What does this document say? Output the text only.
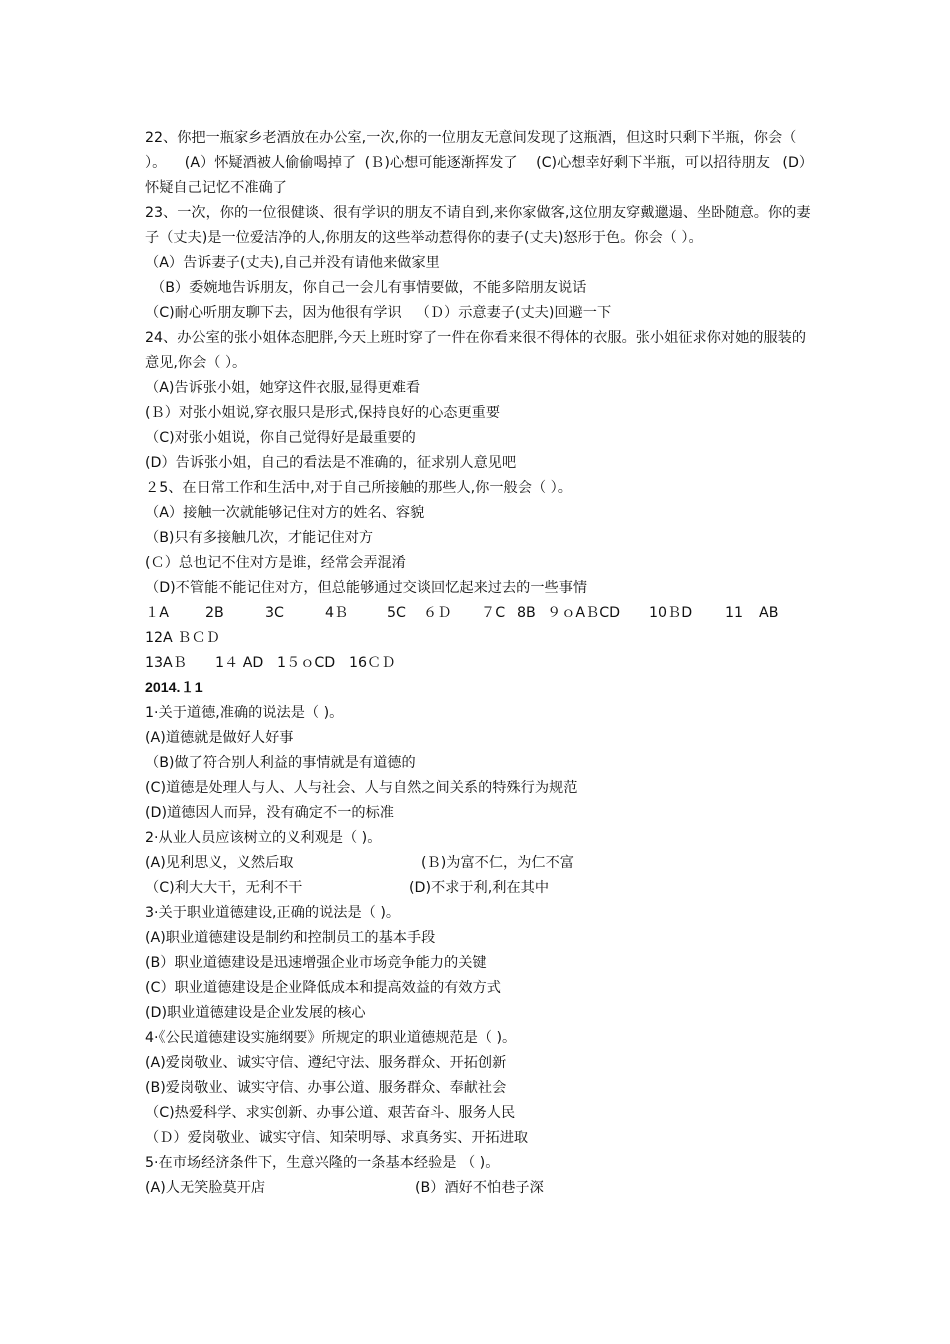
22、你把一瓶家乡老酒放在办公室,一次,你的一位朋友无意间发现了这瓶酒，但这时只剩下半瓶，你会（ ）。 (A）怀疑酒被人偷偷喝掉了 (Ｂ)心想可能逐渐挥发了 (C)心想幸好剩下半瓶，可以招待朋友 (D）怀疑自己记忆不准确了
23、一次，你的一位很健谈、很有学识的朋友不请自到,来你家做客,这位朋友穿戴邋遢、坐卧随意。你的妻子（丈夫)是一位爱洁净的人,你朋友的这些举动惹得你的妻子(丈夫)怒形于色。你会（ ）。
（A）告诉妻子(丈夫),自己并没有请他来做家里
（B）委婉地告诉朋友，你自己一会儿有事情要做，不能多陪朋友说话
（C)耐心听朋友聊下去，因为他很有学识 （Ｄ）示意妻子(丈夫)回避一下
24、办公室的张小姐体态肥胖,今天上班时穿了一件在你看来很不得体的衣服。张小姐征求你对她的服装的意见,你会（ ）。
（A)告诉张小姐，她穿这件衣服,显得更难看
(Ｂ）对张小姐说,穿衣服只是形式,保持良好的心态更重要
（C)对张小姐说，你自己觉得好是最重要的
(D）告诉张小姐，自己的看法是不准确的，征求别人意见吧
２5、在日常工作和生活中,对于自己所接触的那些人,你一般会（ ）。
（A）接触一次就能够记住对方的姓名、容貌
（B)只有多接触几次，才能记住对方
(Ｃ）总也记不住对方是谁，经常会弄混淆
（D)不管能不能记住对方，但总能够通过交谈回忆起来过去的一些事情
１A	2B	3C	4Ｂ	5C ６Ｄ ７C 8B ９ｏAＢCD 10ＢD 11 AB
12A ＢＣＤ
13AＢ 1４ AD 1５ｏCD 16ＣＤ
2014.１1
1·关于道德,准确的说法是（ )。
(A)道德就是做好人好事
（B)做了符合别人利益的事情就是有道德的
(C)道德是处理人与人、人与社会、人与自然之间关系的特殊行为规范
(D)道德因人而异，没有确定不一的标准
2·从业人员应该树立的义利观是（ )。
(A)见利思义，义然后取	(Ｂ)为富不仁，为仁不富
（C)利大大干，无利不干	(D)不求于利,利在其中
3·关于职业道德建设,正确的说法是（ )。
(A)职业道德建设是制约和控制员工的基本手段
(B）职业道德建设是迅速增强企业市场竞争能力的关键
(C）职业道德建设是企业降低成本和提高效益的有效方式
(D)职业道德建设是企业发展的核心
4·《公民道德建设实施纲要》所规定的职业道德规范是（ )。
(A)爱岗敬业、诚实守信、遵纪守法、服务群众、开拓创新
(B)爱岗敬业、诚实守信、办事公道、服务群众、奉献社会
（C)热爱科学、求实创新、办事公道、艰苦奋斗、服务人民
（Ｄ）爱岗敬业、诚实守信、知荣明辱、求真务实、开拓进取
5·在市场经济条件下，生意兴隆的一条基本经验是 （ )。
(A)人无笑脸莫开店	(B）酒好不怕巷子深
